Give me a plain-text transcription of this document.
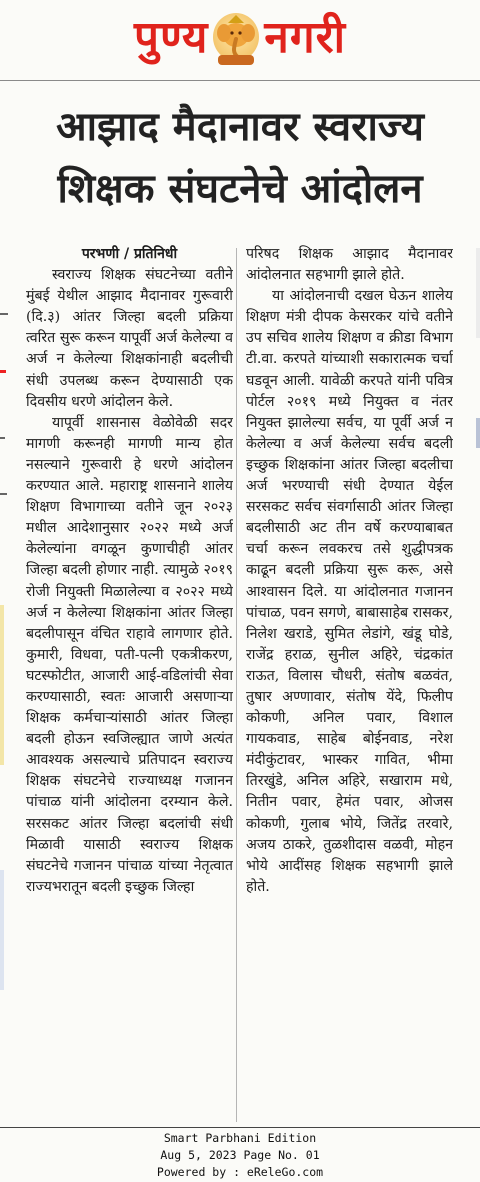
पुण्य नगरी
आझाद मैदानावर स्वराज्य
शिक्षक संघटनेचे आंदोलन
परभणी / प्रतिनिधी

स्वराज्य शिक्षक संघटनेच्या वतीने मुंबई येथील आझाद मैदानावर गुरूवारी (दि.३) आंतर जिल्हा बदली प्रक्रिया त्वरित सुरू करून यापूर्वी अर्ज केलेल्या व अर्ज न केलेल्या शिक्षकांनाही बदलीची संधी उपलब्ध करून देण्यासाठी एक दिवसीय धरणे आंदोलन केले.

यापूर्वी शासनास वेळोवेळी सदर मागणी करूनही मागणी मान्य होत नसल्याने गुरूवारी हे धरणे आंदोलन करण्यात आले. महाराष्ट्र शासनाने शालेय शिक्षण विभागाच्या वतीने जून २०२३ मधील आदेशानुसार २०२२ मध्ये अर्ज केलेल्यांना वगळून कुणाचीही आंतर जिल्हा बदली होणार नाही. त्यामुळे २०१९ रोजी नियुक्ती मिळालेल्या व २०२२ मध्ये अर्ज न केलेल्या शिक्षकांना आंतर जिल्हा बदलीपासून वंचित राहावे लागणार होते. कुमारी, विधवा, पती-पत्नी एकत्रीकरण, घटस्फोटीत, आजारी आई-वडिलांची सेवा करण्यासाठी, स्वतः आजारी असणाऱ्या शिक्षक कर्मचाऱ्यांसाठी आंतर जिल्हा बदली होऊन स्वजिल्ह्यात जाणे अत्यंत आवश्यक असल्याचे प्रतिपादन स्वराज्य शिक्षक संघटनेचे राज्याध्यक्ष गजानन पांचाळ यांनी आंदोलना दरम्यान केले. सरसकट आंतर जिल्हा बदलांची संधी मिळावी यासाठी स्वराज्य शिक्षक संघटनेचे गजानन पांचाळ यांच्या नेतृत्वात राज्यभरातून बदली इच्छुक जिल्हा

परिषद शिक्षक आझाद मैदानावर आंदोलनात सहभागी झाले होते.

या आंदोलनाची दखल घेऊन शालेय शिक्षण मंत्री दीपक केसरकर यांचे वतीने उप सचिव शालेय शिक्षण व क्रीडा विभाग टी.वा. करपते यांच्याशी सकारात्मक चर्चा घडवून आली. यावेळी करपते यांनी पवित्र पोर्टल २०१९ मध्ये नियुक्त व नंतर नियुक्त झालेल्या सर्वच, या पूर्वी अर्ज न केलेल्या व अर्ज केलेल्या सर्वच बदली इच्छुक शिक्षकांना आंतर जिल्हा बदलीचा अर्ज भरण्याची संधी देण्यात येईल सरसकट सर्वच संवर्गासाठी आंतर जिल्हा बदलीसाठी अट तीन वर्षे करण्याबाबत चर्चा करून लवकरच तसे शुद्धीपत्रक काढून बदली प्रक्रिया सुरू करू, असे आश्वासन दिले. या आंदोलनात गजानन पांचाळ, पवन सगणे, बाबासाहेब रासकर, निलेश खराडे, सुमित लेडांगे, खंडू घोडे, राजेंद्र हराळ, सुनील अहिरे, चंद्रकांत राऊत, विलास चौधरी, संतोष बळवंत, तुषार अण्णावार, संतोष येंदे, फिलीप कोकणी, अनिल पवार, विशाल गायकवाड, साहेब बोईनवाड, नरेश मंदीकुंटावर, भास्कर गावित, भीमा तिरखुंडे, अनिल अहिरे, सखाराम मधे, नितीन पवार, हेमंत पवार, ओजस कोकणी, गुलाब भोये, जितेंद्र तरवारे, अजय ठाकरे, तुळशीदास वळवी, मोहन भोये आदींसह शिक्षक सहभागी झाले होते.

Smart Parbhani Edition
Aug 5, 2023 Page No. 01
Powered by : eReleGo.com
